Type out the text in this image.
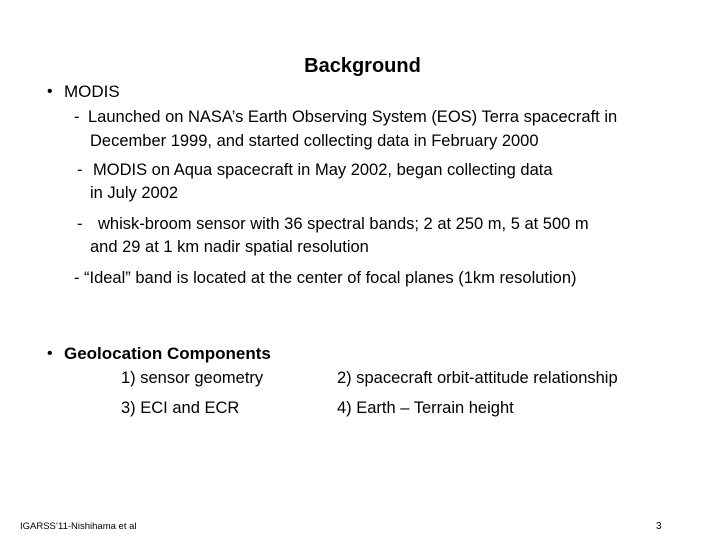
Background
• MODIS
- Launched on NASA’s Earth Observing System (EOS) Terra spacecraft in
December 1999, and started collecting data in February 2000
- MODIS on Aqua spacecraft in May 2002, began collecting data
in July 2002
- whisk-broom sensor with 36 spectral bands; 2 at 250 m, 5 at 500 m
and 29 at 1 km nadir spatial resolution
- “Ideal” band is located at the center of focal planes (1km resolution)
• Geolocation Components
1) sensor geometry	2) spacecraft orbit-attitude relationship
3) ECI and ECR	4) Earth – Terrain height
IGARSS’11-Nishihama et al	3
